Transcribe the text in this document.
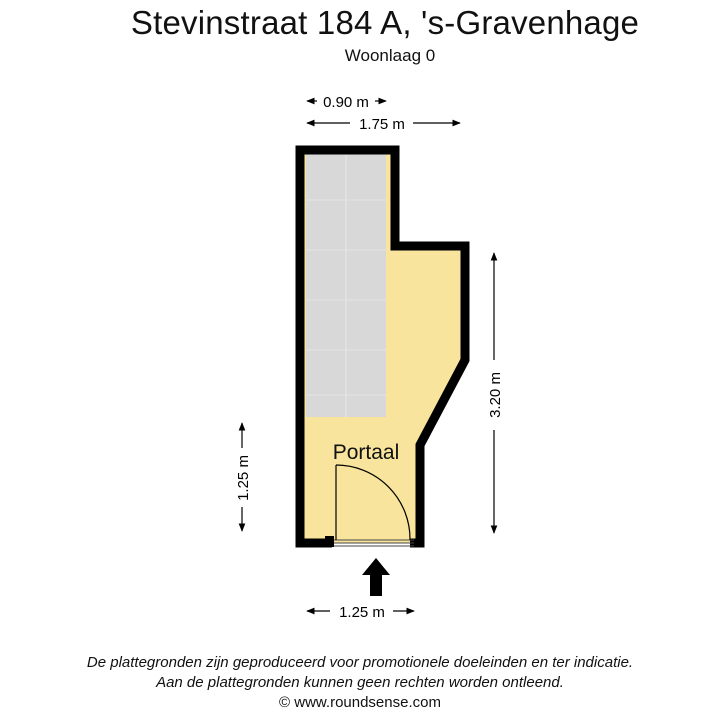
Stevinstraat 184 A, 's-Gravenhage
Woonlaag 0
Portaal
0.90 m
1.75 m
3.20 m
1.25 m
1.25 m
De plattegronden zijn geproduceerd voor promotionele doeleinden en ter indicatie.
Aan de plattegronden kunnen geen rechten worden ontleend.
© www.roundsense.com
